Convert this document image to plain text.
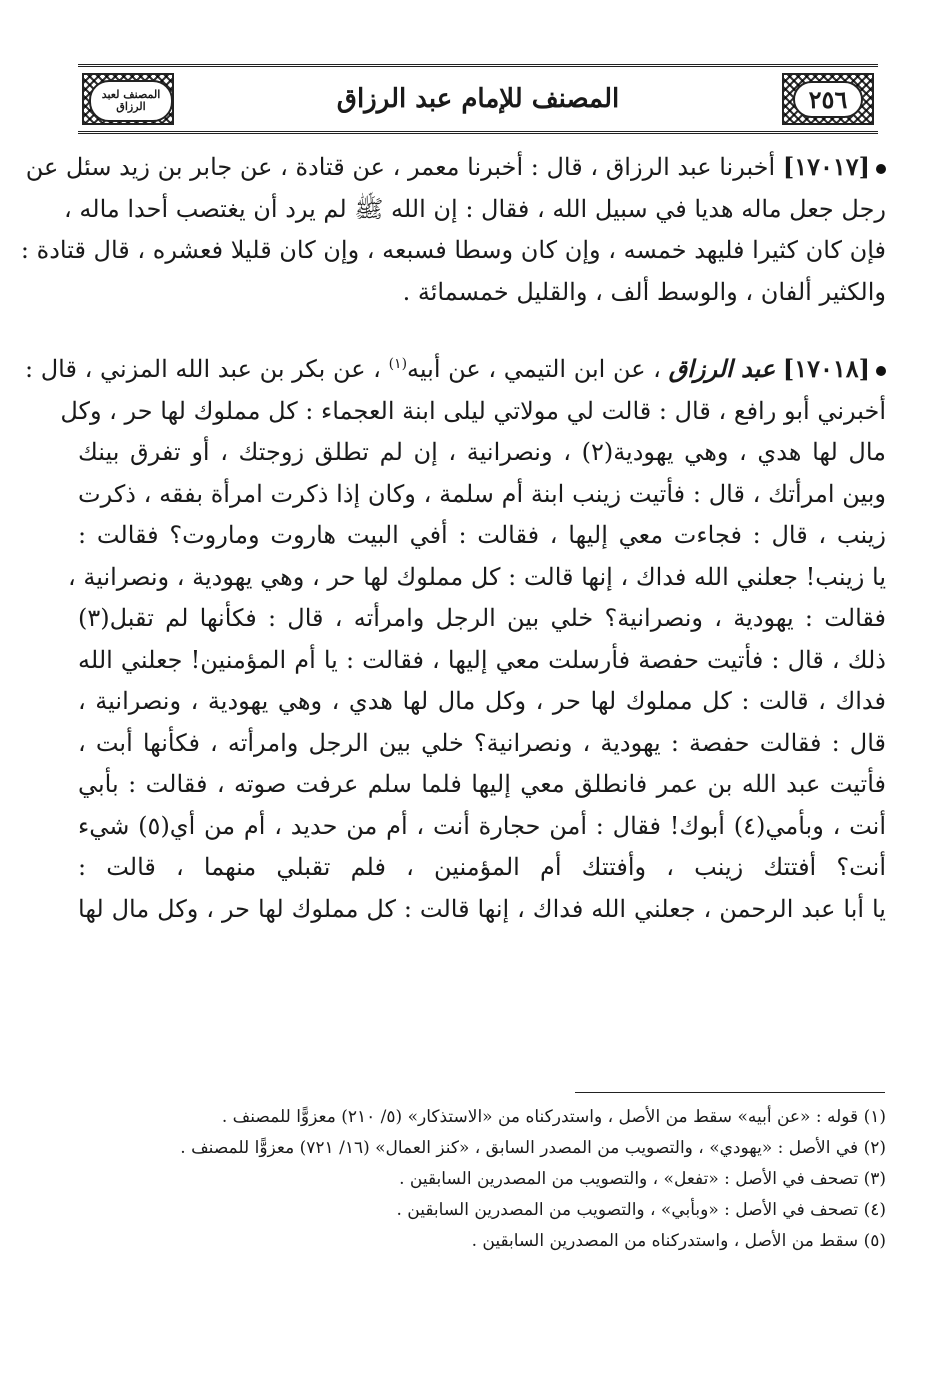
المصنف لعبد الرزاق	المصنف للإمام عبد الرزاق	٢٥٦
[١٧٠١٧] أخبرنا عبد الرزاق ، قال : أخبرنا معمر ، عن قتادة ، عن جابر بن زيد سئل عن
رجل جعل ماله هديا في سبيل الله ، فقال : إن الله ﷺ لم يرد أن يغتصب أحدا ماله ،
فإن كان كثيرا فليهد خمسه ، وإن كان وسطا فسبعه ، وإن كان قليلا فعشره ، قال قتادة :
والكثير ألفان ، والوسط ألف ، والقليل خمسمائة .
[١٧٠١٨] عبد الرزاق ، عن ابن التيمي ، عن أبيه$^{(١)}$ ، عن بكر بن عبد الله المزني ، قال :
أخبرني أبو رافع ، قال : قالت لي مولاتي ليلى ابنة العجماء : كل مملوك لها حر ، وكل
مال لها هدي ، وهي يهودية(٢) ، ونصرانية ، إن لم تطلق زوجتك ، أو تفرق بينك
وبين امرأتك ، قال : فأتيت زينب ابنة أم سلمة ، وكان إذا ذكرت امرأة بفقه ، ذكرت
زينب ، قال : فجاءت معي إليها ، فقالت : أفي البيت هاروت وماروت؟ فقالت :
يا زينب! جعلني الله فداك ، إنها قالت : كل مملوك لها حر ، وهي يهودية ، ونصرانية ،
فقالت : يهودية ، ونصرانية؟ خلي بين الرجل وامرأته ، قال : فكأنها لم تقبل(٣)
ذلك ، قال : فأتيت حفصة فأرسلت معي إليها ، فقالت : يا أم المؤمنين! جعلني الله
فداك ، قالت : كل مملوك لها حر ، وكل مال لها هدي ، وهي يهودية ، ونصرانية ،
قال : فقالت حفصة : يهودية ، ونصرانية؟ خلي بين الرجل وامرأته ، فكأنها أبت ،
فأتيت عبد الله بن عمر فانطلق معي إليها فلما سلم عرفت صوته ، فقالت : بأبي
أنت ، وبأمي(٤) أبوك! فقال : أمن حجارة أنت ، أم من حديد ، أم من أي(٥) شيء
أنت؟ أفتتك زينب ، وأفتتك أم المؤمنين ، فلم تقبلي منهما ، قالت :
يا أبا عبد الرحمن ، جعلني الله فداك ، إنها قالت : كل مملوك لها حر ، وكل مال لها
(١) قوله : «عن أبيه» سقط من الأصل ، واستدركناه من «الاستذكار» (٥/ ٢١٠) معزوًّا للمصنف .
(٢) في الأصل : «يهودي» ، والتصويب من المصدر السابق ، «كنز العمال» (١٦/ ٧٢١) معزوًّا للمصنف .
(٣) تصحف في الأصل : «تفعل» ، والتصويب من المصدرين السابقين .
(٤) تصحف في الأصل : «وبأبي» ، والتصويب من المصدرين السابقين .
(٥) سقط من الأصل ، واستدركناه من المصدرين السابقين .
